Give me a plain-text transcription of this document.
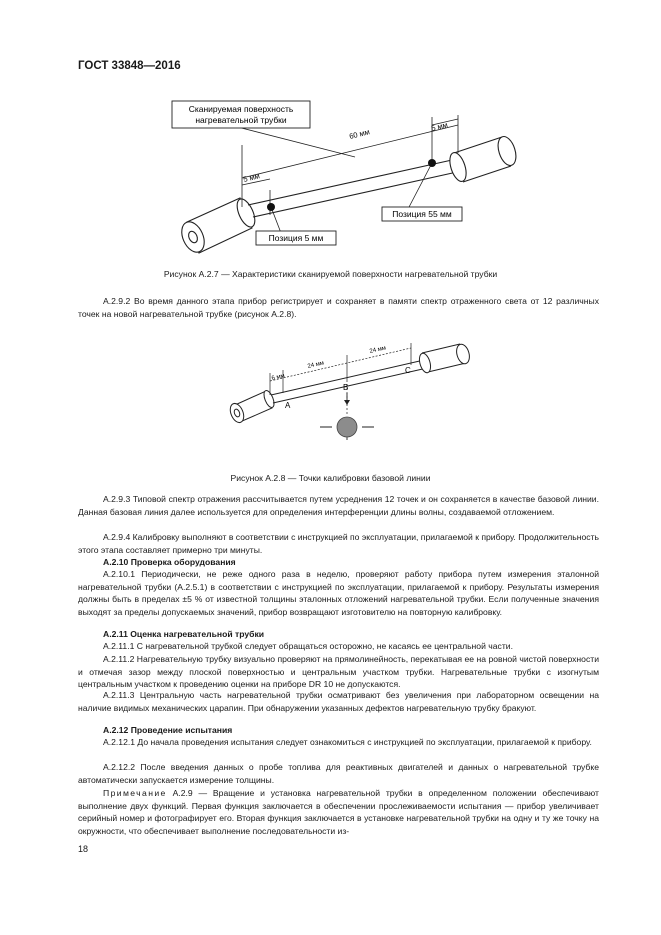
ГОСТ 33848—2016
Сканируемая поверхность
нагревательной трубки
60 мм
5 мм
5 мм
Позиция 55 мм
Позиция 5 мм
Рисунок А.2.7 — Характеристики сканируемой поверхности нагревательной трубки

А.2.9.2 Во время данного этапа прибор регистрирует и сохраняет в памяти спектр отраженного света от 12 различных точек на новой нагревательной трубке (рисунок А.2.8).

6 мм
24 мм
24 мм
A
B
C
Рисунок А.2.8 — Точки калибровки базовой линии

А.2.9.3 Типовой спектр отражения рассчитывается путем усреднения 12 точек и он сохраняется в качестве базовой линии. Данная базовая линия далее используется для определения интерференции длины волны, создаваемой отложением.

А.2.9.4 Калибровку выполняют в соответствии с инструкцией по эксплуатации, прилагаемой к прибору. Продолжительность этого этапа составляет примерно три минуты.

А.2.10 Проверка оборудования

А.2.10.1 Периодически, не реже одного раза в неделю, проверяют работу прибора путем измерения эталонной нагревательной трубки (А.2.5.1) в соответствии с инструкцией по эксплуатации, прилагаемой к прибору. Результаты измерения должны быть в пределах ±5 % от известной толщины эталонных отложений нагревательной трубки. Если полученные значения выходят за пределы допускаемых значений, прибор возвращают изготовителю на повторную калибровку.

А.2.11 Оценка нагревательной трубки

А.2.11.1 С нагревательной трубкой следует обращаться осторожно, не касаясь ее центральной части.

А.2.11.2 Нагревательную трубку визуально проверяют на прямолинейность, перекатывая ее на ровной чистой поверхности и отмечая зазор между плоской поверхностью и центральным участком трубки. Нагревательные трубки с изогнутым центральным участком к проведению оценки на приборе DR 10 не допускаются.

А.2.11.3 Центральную часть нагревательной трубки осматривают без увеличения при лабораторном освещении на наличие видимых механических царапин. При обнаружении указанных дефектов нагревательную трубку бракуют.

А.2.12 Проведение испытания

А.2.12.1 До начала проведения испытания следует ознакомиться с инструкцией по эксплуатации, прилагаемой к прибору.

А.2.12.2 После введения данных о пробе топлива для реактивных двигателей и данных о нагревательной трубке автоматически запускается измерение толщины.

Примечание А.2.9 — Вращение и установка нагревательной трубки в определенном положении обеспечивают выполнение двух функций. Первая функция заключается в обеспечении прослеживаемости испытания — прибор увеличивает серийный номер и фотографирует его. Вторая функция заключается в установке нагревательной трубки на одну и ту же точку на окружности, что обеспечивает выполнение последовательности из-

18
